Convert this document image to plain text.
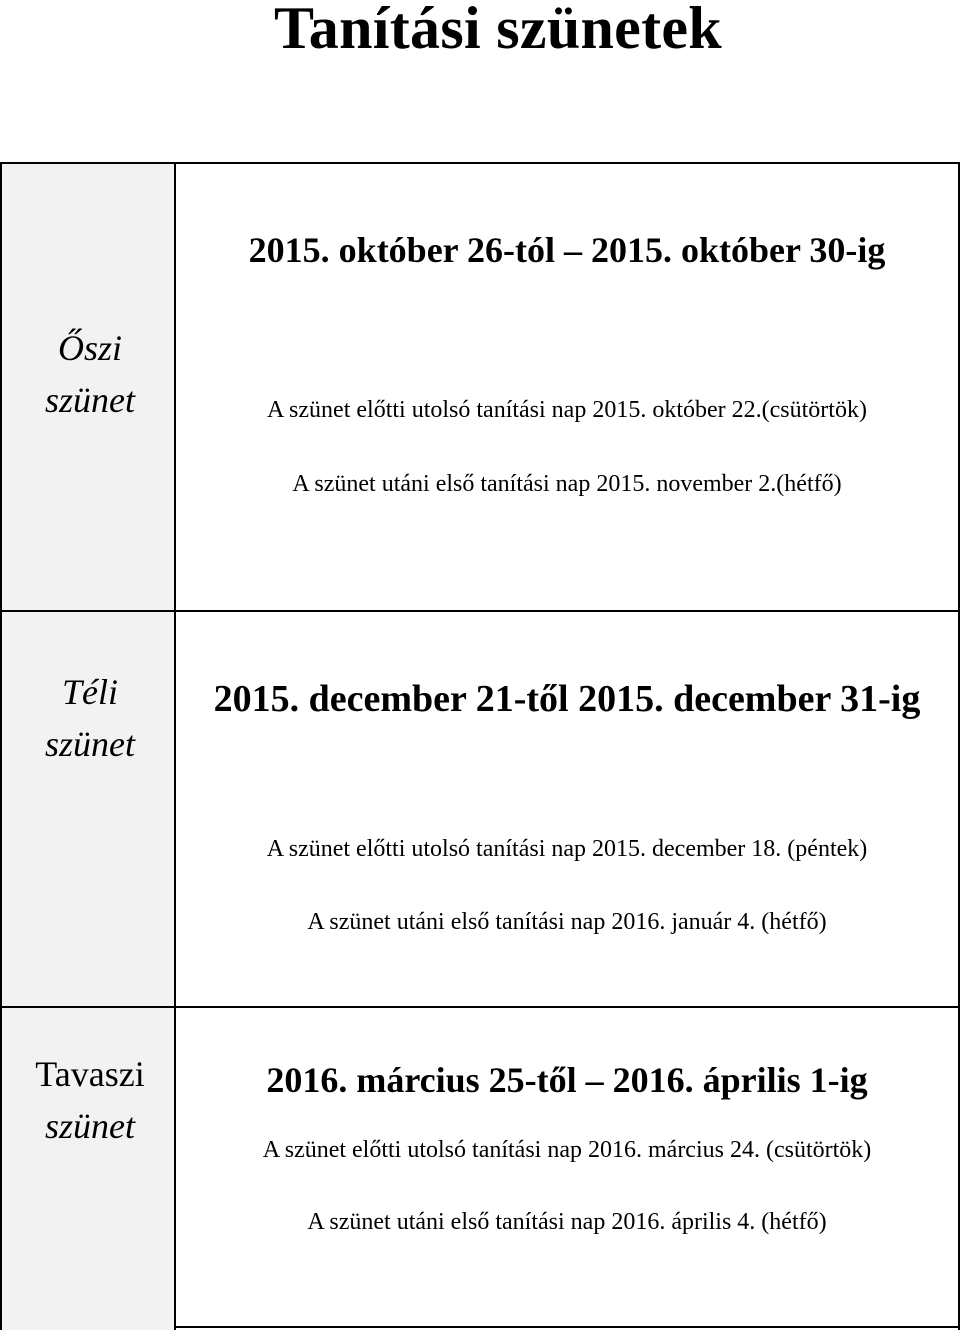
Tanítási szünetek
Őszi
szünet
2015. október 26-tól – 2015. október 30-ig
A szünet előtti utolsó tanítási nap 2015. október 22.(csütörtök)
A szünet utáni első tanítási nap 2015. november 2.(hétfő)
Téli
szünet
2015. december 21-től 2015. december 31-ig
A szünet előtti utolsó tanítási nap 2015. december 18. (péntek)
A szünet utáni első tanítási nap 2016. január 4. (hétfő)
Tavaszi
szünet
2016. március 25-től – 2016. április 1-ig
A szünet előtti utolsó tanítási nap 2016. március 24. (csütörtök)
A szünet utáni első tanítási nap 2016. április 4. (hétfő)
